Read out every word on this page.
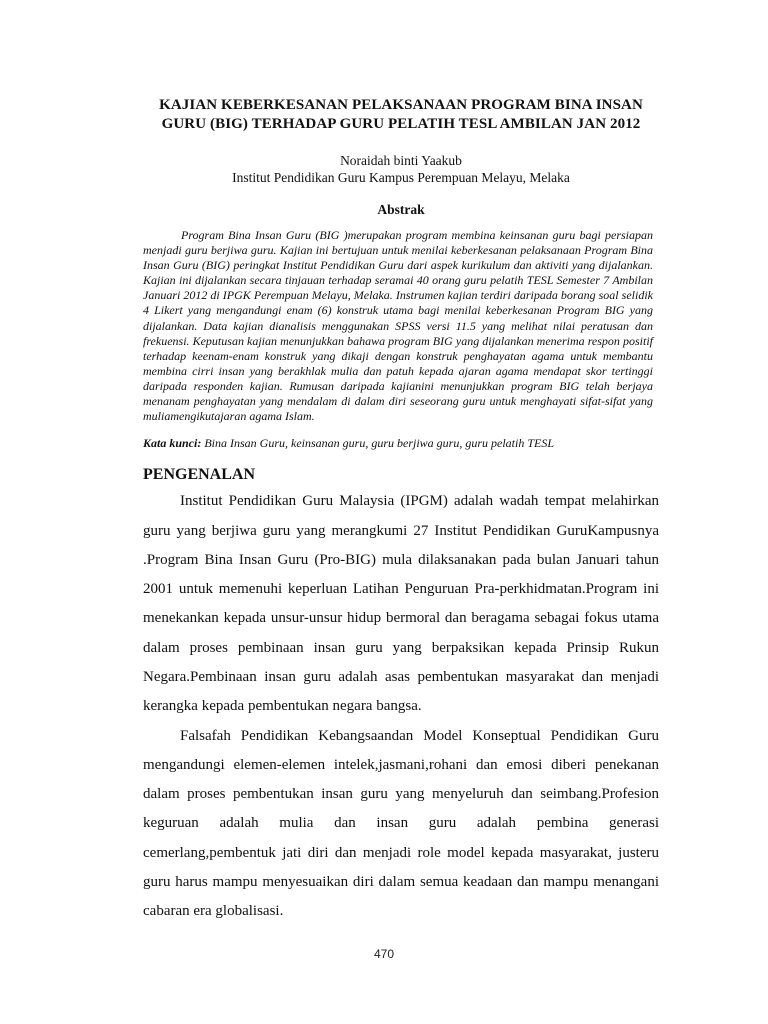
KAJIAN KEBERKESANAN PELAKSANAAN PROGRAM BINA INSAN
GURU (BIG) TERHADAP GURU PELATIH TESL AMBILAN JAN 2012
Noraidah binti Yaakub
Institut Pendidikan Guru Kampus Perempuan Melayu, Melaka
Abstrak
Program Bina Insan Guru (BIG )merupakan program membina keinsanan guru bagi persiapan menjadi guru berjiwa guru. Kajian ini bertujuan untuk menilai keberkesanan pelaksanaan Program Bina Insan Guru (BIG) peringkat Institut Pendidikan Guru dari aspek kurikulum dan aktiviti yang dijalankan. Kajian ini dijalankan secara tinjauan terhadap seramai 40 orang guru pelatih TESL Semester 7 Ambilan Januari 2012 di IPGK Perempuan Melayu, Melaka. Instrumen kajian terdiri daripada borang soal selidik 4 Likert yang mengandungi enam (6) konstruk utama bagi menilai keberkesanan Program BIG yang dijalankan. Data kajian dianalisis menggunakan SPSS versi 11.5 yang melihat nilai peratusan dan frekuensi. Keputusan kajian menunjukkan bahawa program BIG yang dijalankan menerima respon positif terhadap keenam-enam konstruk yang dikaji dengan konstruk penghayatan agama untuk membantu membina cirri insan yang berakhlak mulia dan patuh kepada ajaran agama mendapat skor tertinggi daripada responden kajian. Rumusan daripada kajianini menunjukkan program BIG telah berjaya menanam penghayatan yang mendalam di dalam diri seseorang guru untuk menghayati sifat-sifat yang muliamengikutajaran agama Islam.
Kata kunci: Bina Insan Guru, keinsanan guru, guru berjiwa guru, guru pelatih TESL
PENGENALAN

Institut Pendidikan Guru Malaysia (IPGM) adalah wadah tempat melahirkan guru yang berjiwa guru yang merangkumi 27 Institut Pendidikan GuruKampusnya .Program Bina Insan Guru (Pro-BIG) mula dilaksanakan pada bulan Januari tahun 2001 untuk memenuhi keperluan Latihan Penguruan Pra-perkhidmatan.Program ini menekankan kepada unsur-unsur hidup bermoral dan beragama sebagai fokus utama dalam proses pembinaan insan guru yang berpaksikan kepada Prinsip Rukun Negara.Pembinaan insan guru adalah asas pembentukan masyarakat dan menjadi kerangka kepada pembentukan negara bangsa.

Falsafah Pendidikan Kebangsaandan Model Konseptual Pendidikan Guru mengandungi elemen-elemen intelek,jasmani,rohani dan emosi diberi penekanan dalam proses pembentukan insan guru yang menyeluruh dan seimbang.Profesion keguruan adalah mulia dan insan guru adalah pembina generasi cemerlang,pembentuk jati diri dan menjadi role model kepada masyarakat, justeru guru harus mampu menyesuaikan diri dalam semua keadaan dan mampu menangani cabaran era globalisasi.

470
